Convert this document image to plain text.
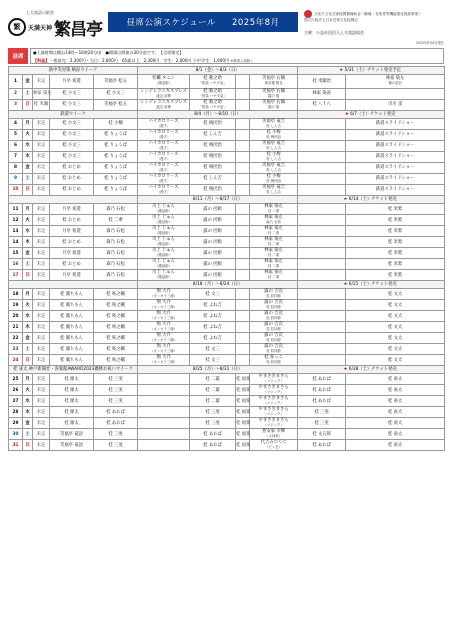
上方落語の殿堂
繁	天満天神 繁昌亭	昼席公演スケジュール 2025年8月
文化庁文化芸術振興費補助金（劇場・音楽堂等機能強化推進事業）
独立行政法人日本芸術文化振興会
主催：公益社団法人上方落語協会
2025年6月6日現在
昼席
●上演時間は概ね14時〜16時20分頃　●開場は開演の30分前です。　【全席指定】
【料金】一般前売：2,300円・当日：2,800円　65歳以上：2,300円　学生：2,000円 小中学生：1,600円 ※特別公演除く
熱中笑対策 納涼ウイーク					8/1（金）〜8/3（日）				★ 5/31（土）チケット発売予定	
1	金	未定	月亭 希遊	笑福亭 松五	牡蠣 タニシ
（腹話術）	桂 歌之助
「怪談 ハヤダ話」		笑福亭 右鶴
姉花楼 桃花	桂 米團治	林家 染左
揚の話芸

2	土	林家 染左	桂 小文三	桂 小文三	シンデレラエキスプレス
渡辺 裕薫	桂 歌之助
「怪談 ハヤダ話」		笑福亭 右鶴
露の 瑞	林家 染雀	

3	日	桂 米團	桂 小文三	笑福亭 松五	シンデレラエキスプレス
渡辺 裕薫	桂 歌之助
「怪談 ハヤダ話」		笑福亭 右鶴
露の 瑞	桂 八十八	市川 雷

鉄道ウイーク					8/4（月）〜8/10（日）				★ 6/7（土）チケット発売	
4	月	未定	桂 小文三	桂 小鯛	ハイカロリーズ
（漫才）	桂 梅団治		笑福亭 竜吉
桂 しん吉		鉄道スライドショー

5	火	未定	桂 小文三	桂 りょうば	ハイカロリーズ
（漫才）	桂 しん吉		桂 小梅
桂 梅団治		鉄道スライドショー

6	水	未定	桂 小文三	桂 りょうば	ハイカロリーズ
（漫才）	桂 梅団治		笑福亭 竜吉
桂 しん吉		鉄道スライドショー

7	木	未定	桂 小文三	桂 りょうば	ハイカロリーズ
（漫才）	桂 梅団治		桂 小梅
桂 しん吉		鉄道スライドショー

8	金	未定	桂 おとめ	桂 りょうば	ハイカロリーズ
（漫才）	桂 梅団治		笑福亭 竜吉
桂 しん吉		鉄道スライドショー

9	土	未定	桂 おとめ	桂 りょうば	ハイカロリーズ
（漫才）	桂 しん吉		桂 小梅
桂 梅団治		鉄道スライドショー

10	日	未定	桂 おとめ	桂 りょうば	ハイカロリーズ
（漫才）	桂 梅団治		笑福亭 竜吉
桂 しん吉		鉄道スライドショー

					8/11（月）〜8/17（日）				★ 6/14（土）チケット発売	
11	月	未定	月亭 希遊	森乃 石松	川上 じゅん
（腹話術）	露の 団姫		林家 染左
桂 二乗		桂 米紫

12	火	未定	桂 おとめ	桂 二乗	川上 じゅん
（腹話術）	露の 団姫		林家 染左
森乃 石松		桂 米紫

13	水	未定	月亭 希遊	森乃 石松	川上 じゅん
（腹話術）	露の 団姫		林家 染左
桂 二乗		桂 米紫

14	木	未定	桂 おとめ	森乃 石松	川上 じゅん
（腹話術）	露の 団姫		林家 染左
桂 二乗		桂 米紫

15	金	未定	月亭 希遊	森乃 石松	川上 じゅん
（腹話術）	露の 団姫		林家 染左
桂 二乗		桂 米紫

16	土	未定	桂 おとめ	森乃 石松	川上 じゅん
（腹話術）	露の 団姫		林家 染左
桂 二乗		桂 米紫

17	日	未定	月亭 希遊	森乃 石松	川上 じゅん
（腹話術）	露の 団姫		林家 染左
桂 二乗		桂 米紫

					8/18（月）〜8/24（日）				★ 6/21（土）チケット発売	
18	月	未定	桂 鳳ちもん	桂 咲之輔	翔 大介
（カンカラ三線）	桂 文三		露の 吉次
桂 紋四郎		桂 文太

19	火	未定	桂 鳳ちもん	桂 咲之輔	翔 大介
（カンカラ三線）	桂 よね吉		露の 吉次
桂 紋四郎		桂 文太

20	水	未定	桂 鳳ちもん	桂 咲之輔	翔 大介
（カンカラ三線）	桂 よね吉		露の 吉次
桂 紋四郎		桂 文太

21	木	未定	桂 鳳ちもん	桂 咲之輔	翔 大介
（カンカラ三線）	桂 よね吉		露の 吉次
桂 紋四郎		桂 文太

22	金	未定	桂 鳳ちもん	桂 咲之輔	翔 大介
（カンカラ三線）	桂 よね吉		露の 吉次
桂 紋四郎		桂 文太

23	土	未定	桂 鳳ちもん	桂 咲之輔	翔 大介
（カンカラ三線）	桂 文三		露の 吉次
桂 紋四郎		桂 文太

24	日	未定	桂 鳳ちもん	桂 咲之輔	翔 大介
（カンカラ三線）	桂 文三		桂 弥っこ
桂 紋四郎		桂 文太

桂 雀太 神戸新聞社・喜楽館AWARD2023優勝お祝いウイーク					8/25（月）〜8/31（日）				★ 6/28（土）チケット発売	
25	月	未定	桂 源太	桂 三実		桂 二葉	桂 福楽	やまさきまさら
（マジック）	桂 あおば	桂 雀太

26	火	未定	桂 源太	桂 三実		桂 二葉	桂 福楽	やまさきまさら
（マジック）	桂 あおば	桂 雀太

27	水	未定	桂 源太	桂 三実		桂 二葉	桂 福楽	やまさきまさら
（マジック）	桂 あおば	桂 雀太

28	木	未定	桂 源太	桂 あおば		桂 三度	桂 福楽	やまさきまさら
（マジック）	桂 三実	桂 雀太

29	金	未定	桂 源太	桂 あおば		桂 三度	桂 福楽	やまさきまさら
（マジック）	桂 三実	桂 雀太

30	土	未定	笑福亭 竜語	桂 三度		桂 あおば	桂 福楽	豊安家 幸輝
（太神楽）	桂 文五郎	桂 雀太

31	日	未定	笑福亭 竜語	桂 三度		桂 あおば	桂 福楽	代吉みつくに
（ピン芸）	桂 あおば	桂 雀太
